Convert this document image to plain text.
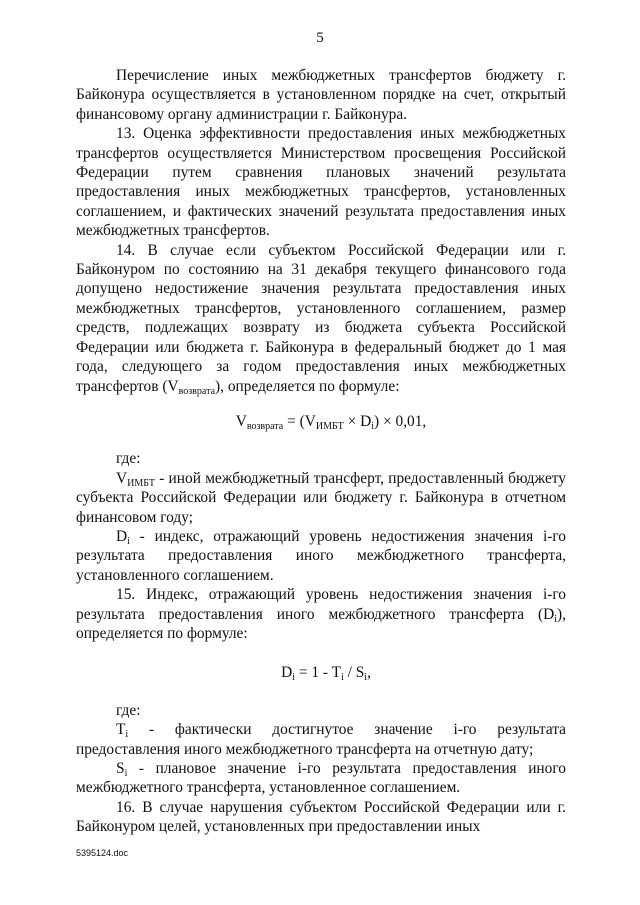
5

Перечисление иных межбюджетных трансфертов бюджету г. Байконура осуществляется в установленном порядке на счет, открытый финансовому органу администрации г. Байконура.

13. Оценка эффективности предоставления иных межбюджетных трансфертов осуществляется Министерством просвещения Российской Федерации путем сравнения плановых значений результата предоставления иных межбюджетных трансфертов, установленных соглашением, и фактических значений результата предоставления иных межбюджетных трансфертов.

14. В случае если субъектом Российской Федерации или г. Байконуром по состоянию на 31 декабря текущего финансового года допущено недостижение значения результата предоставления иных межбюджетных трансфертов, установленного соглашением, размер средств, подлежащих возврату из бюджета субъекта Российской Федерации или бюджета г. Байконура в федеральный бюджет до 1 мая года, следующего за годом предоставления иных межбюджетных трансфертов $(V_{возврата})$, определяется по формуле:

$V_{возврата} = (V_{ИМБТ} \times D_i) \times 0,01$,

где:

$V_{ИМБТ}$ - иной межбюджетный трансферт, предоставленный бюджету субъекта Российской Федерации или бюджету г. Байконура в отчетном финансовом году;

$D_i$ - индекс, отражающий уровень недостижения значения i-го результата предоставления иного межбюджетного трансферта, установленного соглашением.

15. Индекс, отражающий уровень недостижения значения i-го результата предоставления иного межбюджетного трансферта $(D_i)$, определяется по формуле:

$D_i = 1 - T_i / S_i$,

где:

$T_i$ - фактически достигнутое значение i-го результата предоставления иного межбюджетного трансферта на отчетную дату;

$S_i$ - плановое значение i-го результата предоставления иного межбюджетного трансферта, установленное соглашением.

16. В случае нарушения субъектом Российской Федерации или г. Байконуром целей, установленных при предоставлении иных

5395124.doc
